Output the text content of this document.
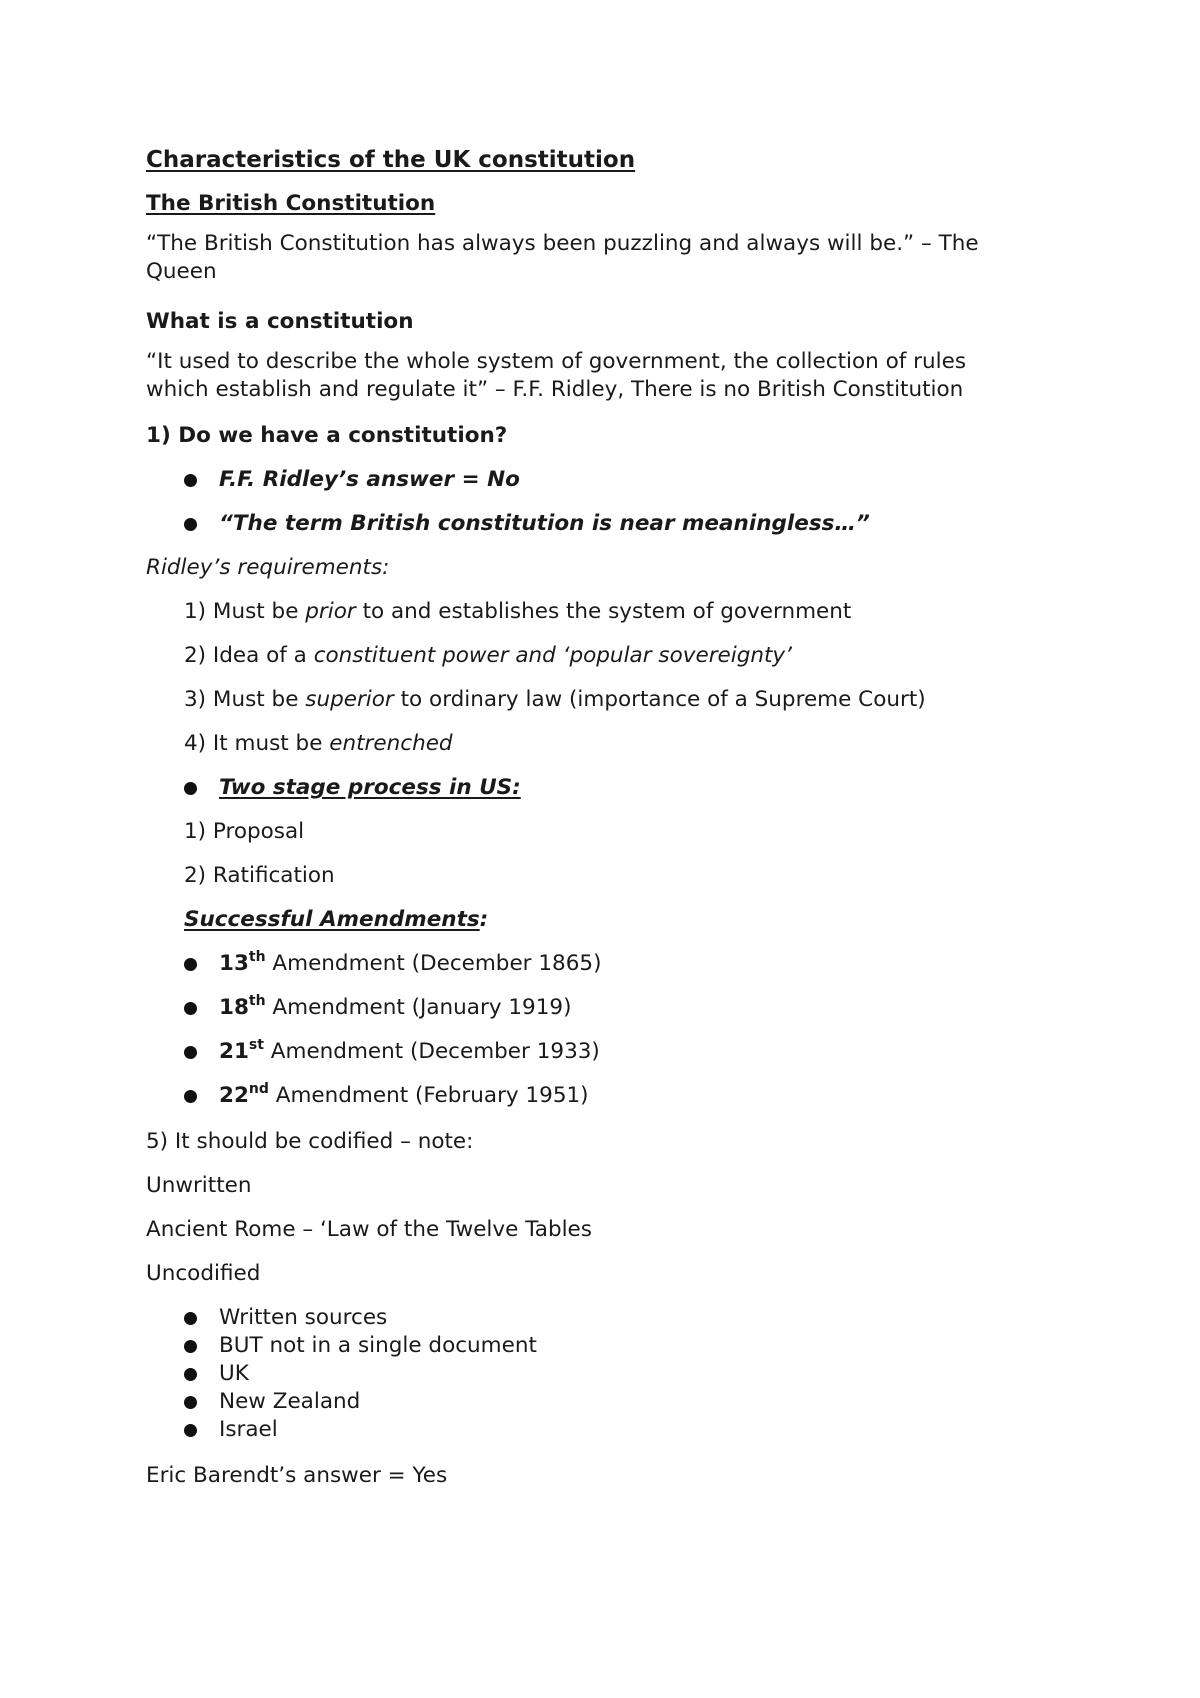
Characteristics of the UK constitution
The British Constitution
“The British Constitution has always been puzzling and always will be.” – The
Queen
What is a constitution
“It used to describe the whole system of government, the collection of rules
which establish and regulate it” – F.F. Ridley, There is no British Constitution
1) Do we have a constitution?
F.F. Ridley’s answer = No
“The term British constitution is near meaningless…”
Ridley’s requirements:
1) Must be prior to and establishes the system of government
2) Idea of a constituent power and ‘popular sovereignty’
3) Must be superior to ordinary law (importance of a Supreme Court)
4) It must be entrenched
Two stage process in US:
1) Proposal
2) Ratification
Successful Amendments:
13th Amendment (December 1865)
18th Amendment (January 1919)
21st Amendment (December 1933)
22nd Amendment (February 1951)
5) It should be codified – note:
Unwritten
Ancient Rome – ‘Law of the Twelve Tables
Uncodified
Written sources
BUT not in a single document
UK
New Zealand
Israel
Eric Barendt’s answer = Yes
